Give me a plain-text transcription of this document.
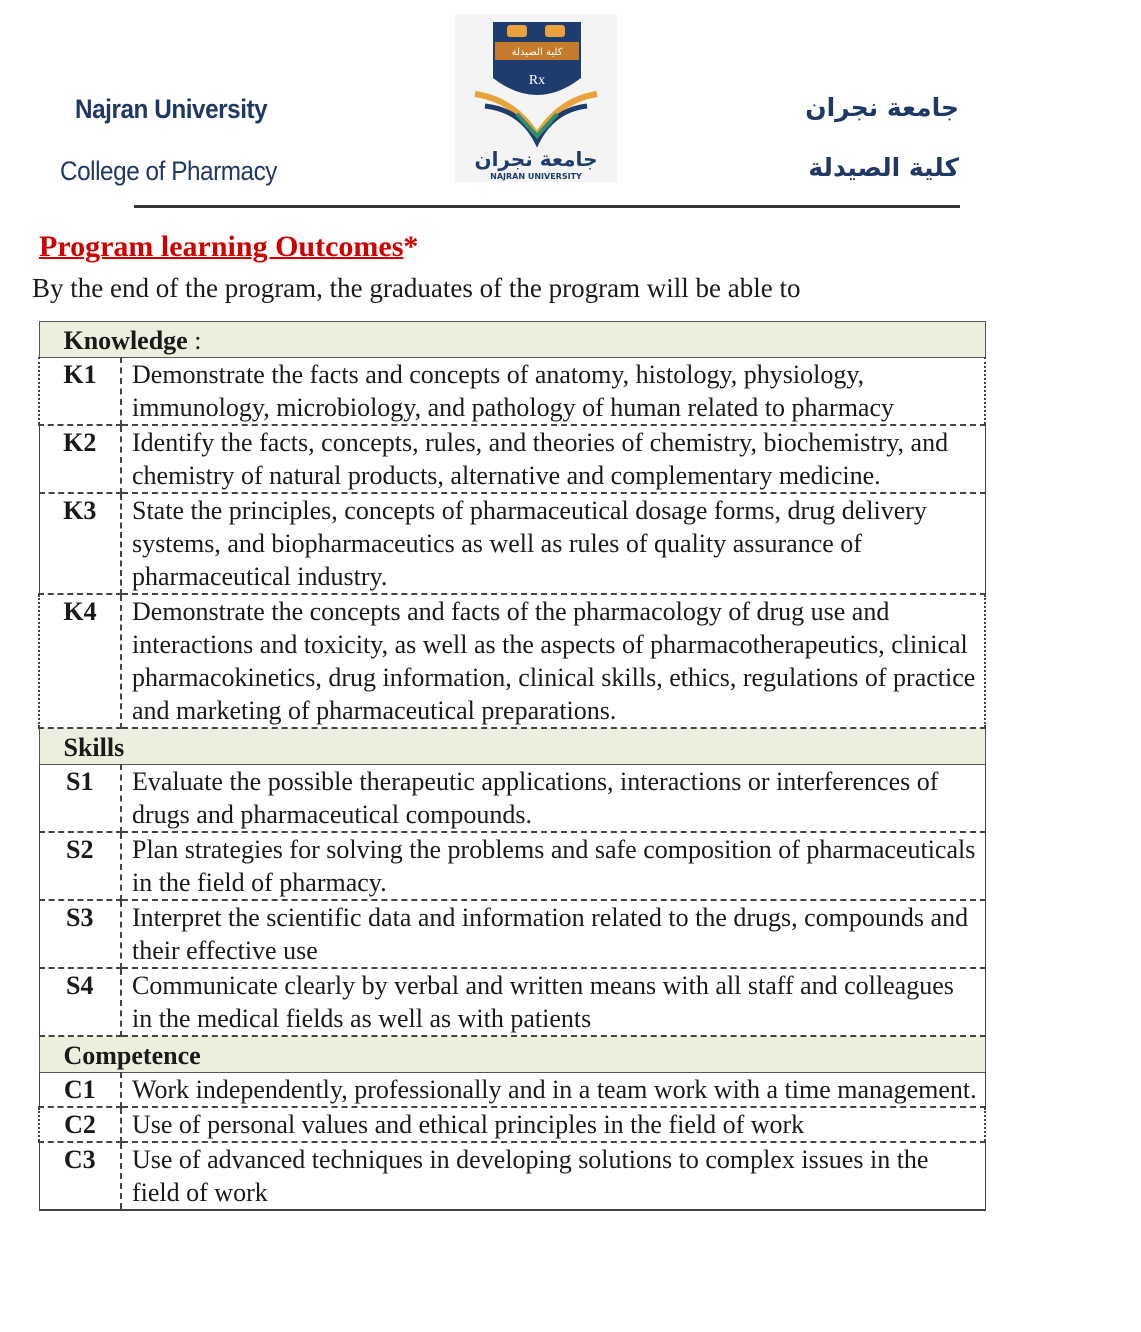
Najran University
College of Pharmacy
كلية الصيدلة
Rx
جامعة نجران
NAJRAN UNIVERSITY
جامعة نجران
كلية الصيدلة
Program learning Outcomes*
By the end of the program, the graduates of the program will be able to
Knowledge :	
K1	Demonstrate the facts and concepts of anatomy, histology, physiology, immunology, microbiology, and pathology of human related to pharmacy
K2	Identify the facts, concepts, rules, and theories of chemistry, biochemistry, and chemistry of natural products, alternative and complementary medicine.
K3	State the principles, concepts of pharmaceutical dosage forms, drug delivery systems, and biopharmaceutics as well as rules of quality assurance of pharmaceutical industry.
K4	Demonstrate the concepts and facts of the pharmacology of drug use and interactions and toxicity, as well as the aspects of pharmacotherapeutics, clinical pharmacokinetics, drug information, clinical skills, ethics, regulations of practice and marketing of pharmaceutical preparations.
Skills	
S1	Evaluate the possible therapeutic applications, interactions or interferences of drugs and pharmaceutical compounds.
S2	Plan strategies for solving the problems and safe composition of pharmaceuticals in the field of pharmacy.
S3	Interpret the scientific data and information related to the drugs, compounds and their effective use
S4	Communicate clearly by verbal and written means with all staff and colleagues in the medical fields as well as with patients
Competence	
C1	Work independently, professionally and in a team work with a time management.
C2	Use of personal values and ethical principles in the field of work
C3	Use of advanced techniques in developing solutions to complex issues in the field of work
